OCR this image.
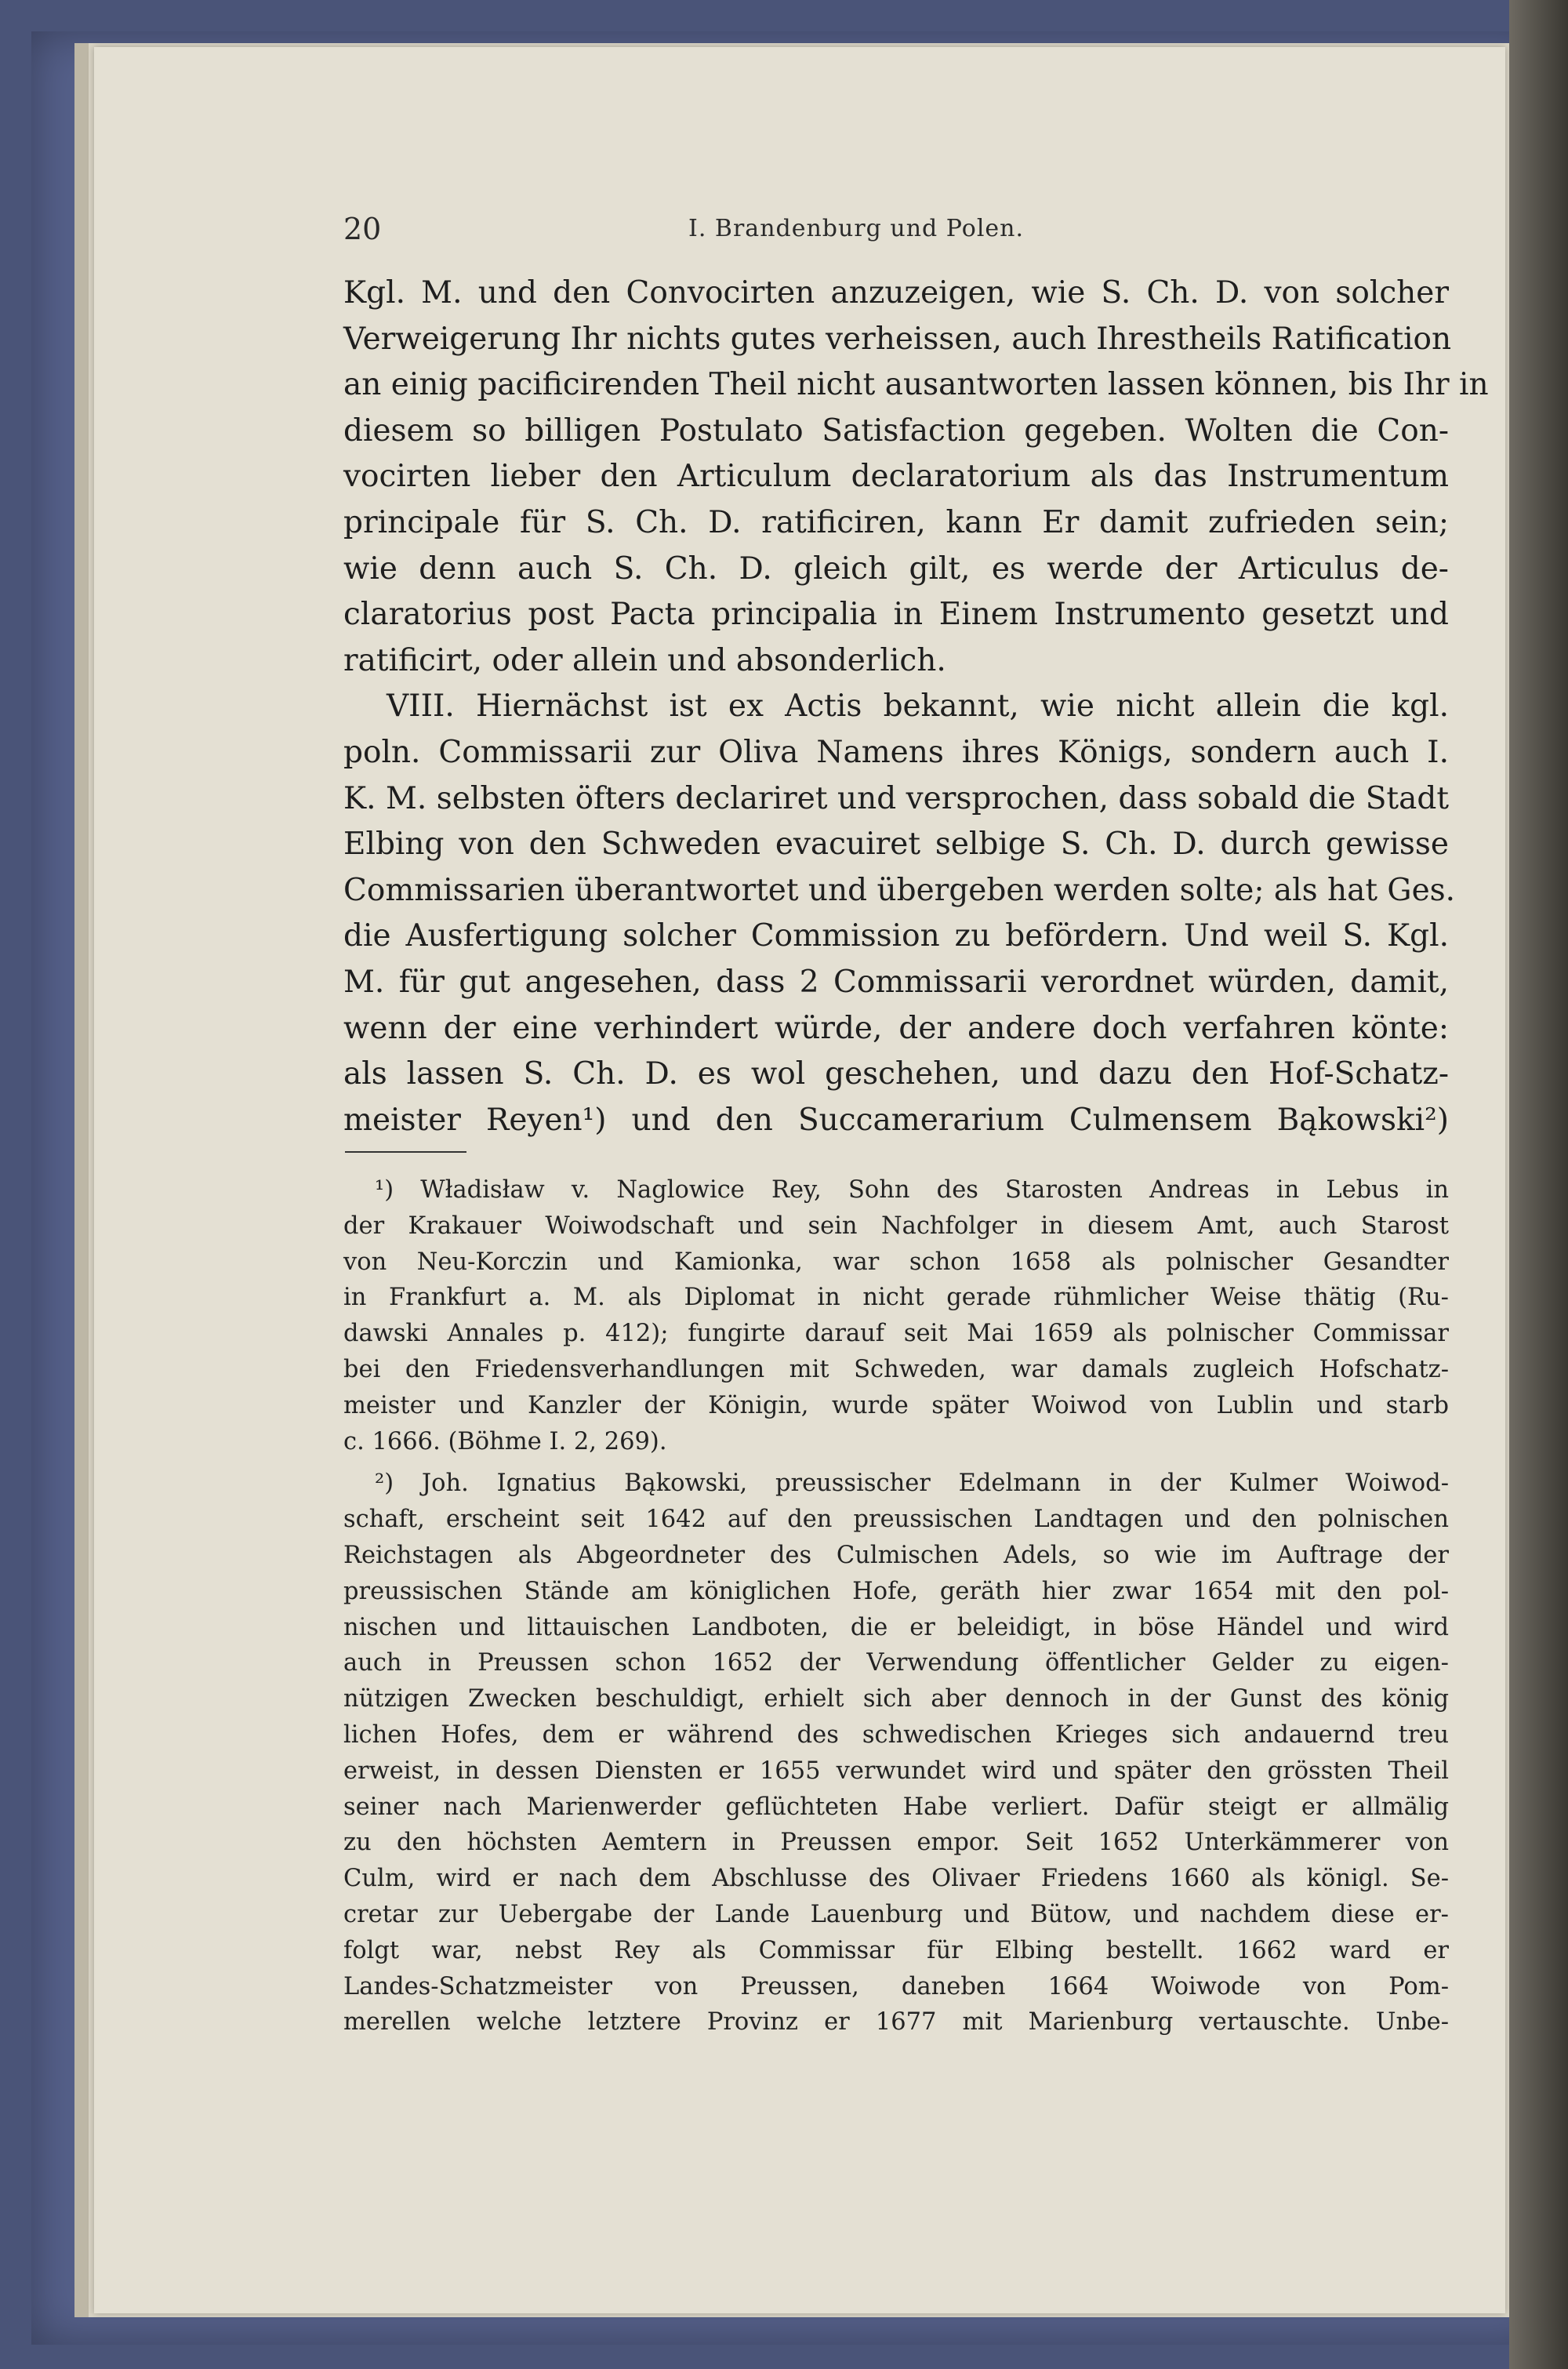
20	I. Brandenburg und Polen.
Kgl. M. und den Convocirten anzuzeigen, wie S. Ch. D. von solcher
Verweigerung Ihr nichts gutes verheissen, auch Ihrestheils Ratification
an einig pacificirenden Theil nicht ausantworten lassen können, bis Ihr in
diesem so billigen Postulato Satisfaction gegeben. Wolten die Con-
vocirten lieber den Articulum declaratorium als das Instrumentum
principale für S. Ch. D. ratificiren, kann Er damit zufrieden sein;
wie denn auch S. Ch. D. gleich gilt, es werde der Articulus de-
claratorius post Pacta principalia in Einem Instrumento gesetzt und
ratificirt, oder allein und absonderlich.
VIII. Hiernächst ist ex Actis bekannt, wie nicht allein die kgl.
poln. Commissarii zur Oliva Namens ihres Königs, sondern auch I.
K. M. selbsten öfters declariret und versprochen, dass sobald die Stadt
Elbing von den Schweden evacuiret selbige S. Ch. D. durch gewisse
Commissarien überantwortet und übergeben werden solte; als hat Ges.
die Ausfertigung solcher Commission zu befördern. Und weil S. Kgl.
M. für gut angesehen, dass 2 Commissarii verordnet würden, damit,
wenn der eine verhindert würde, der andere doch verfahren könte:
als lassen S. Ch. D. es wol geschehen, und dazu den Hof-Schatz-
meister Reyen¹) und den Succamerarium Culmensem Bąkowski²)
¹) Władisław v. Naglowice Rey, Sohn des Starosten Andreas in Lebus in
der Krakauer Woiwodschaft und sein Nachfolger in diesem Amt, auch Starost
von Neu-Korczin und Kamionka, war schon 1658 als polnischer Gesandter
in Frankfurt a. M. als Diplomat in nicht gerade rühmlicher Weise thätig (Ru-
dawski Annales p. 412); fungirte darauf seit Mai 1659 als polnischer Commissar
bei den Friedensverhandlungen mit Schweden, war damals zugleich Hofschatz-
meister und Kanzler der Königin, wurde später Woiwod von Lublin und starb
c. 1666. (Böhme I. 2, 269).
²) Joh. Ignatius Bąkowski, preussischer Edelmann in der Kulmer Woiwod-
schaft, erscheint seit 1642 auf den preussischen Landtagen und den polnischen
Reichstagen als Abgeordneter des Culmischen Adels, so wie im Auftrage der
preussischen Stände am königlichen Hofe, geräth hier zwar 1654 mit den pol-
nischen und littauischen Landboten, die er beleidigt, in böse Händel und wird
auch in Preussen schon 1652 der Verwendung öffentlicher Gelder zu eigen-
nützigen Zwecken beschuldigt, erhielt sich aber dennoch in der Gunst des könig
lichen Hofes, dem er während des schwedischen Krieges sich andauernd treu
erweist, in dessen Diensten er 1655 verwundet wird und später den grössten Theil
seiner nach Marienwerder geflüchteten Habe verliert. Dafür steigt er allmälig
zu den höchsten Aemtern in Preussen empor. Seit 1652 Unterkämmerer von
Culm, wird er nach dem Abschlusse des Olivaer Friedens 1660 als königl. Se-
cretar zur Uebergabe der Lande Lauenburg und Bütow, und nachdem diese er-
folgt war, nebst Rey als Commissar für Elbing bestellt. 1662 ward er
Landes-Schatzmeister von Preussen, daneben 1664 Woiwode von Pom-
merellen welche letztere Provinz er 1677 mit Marienburg vertauschte. Unbe-
